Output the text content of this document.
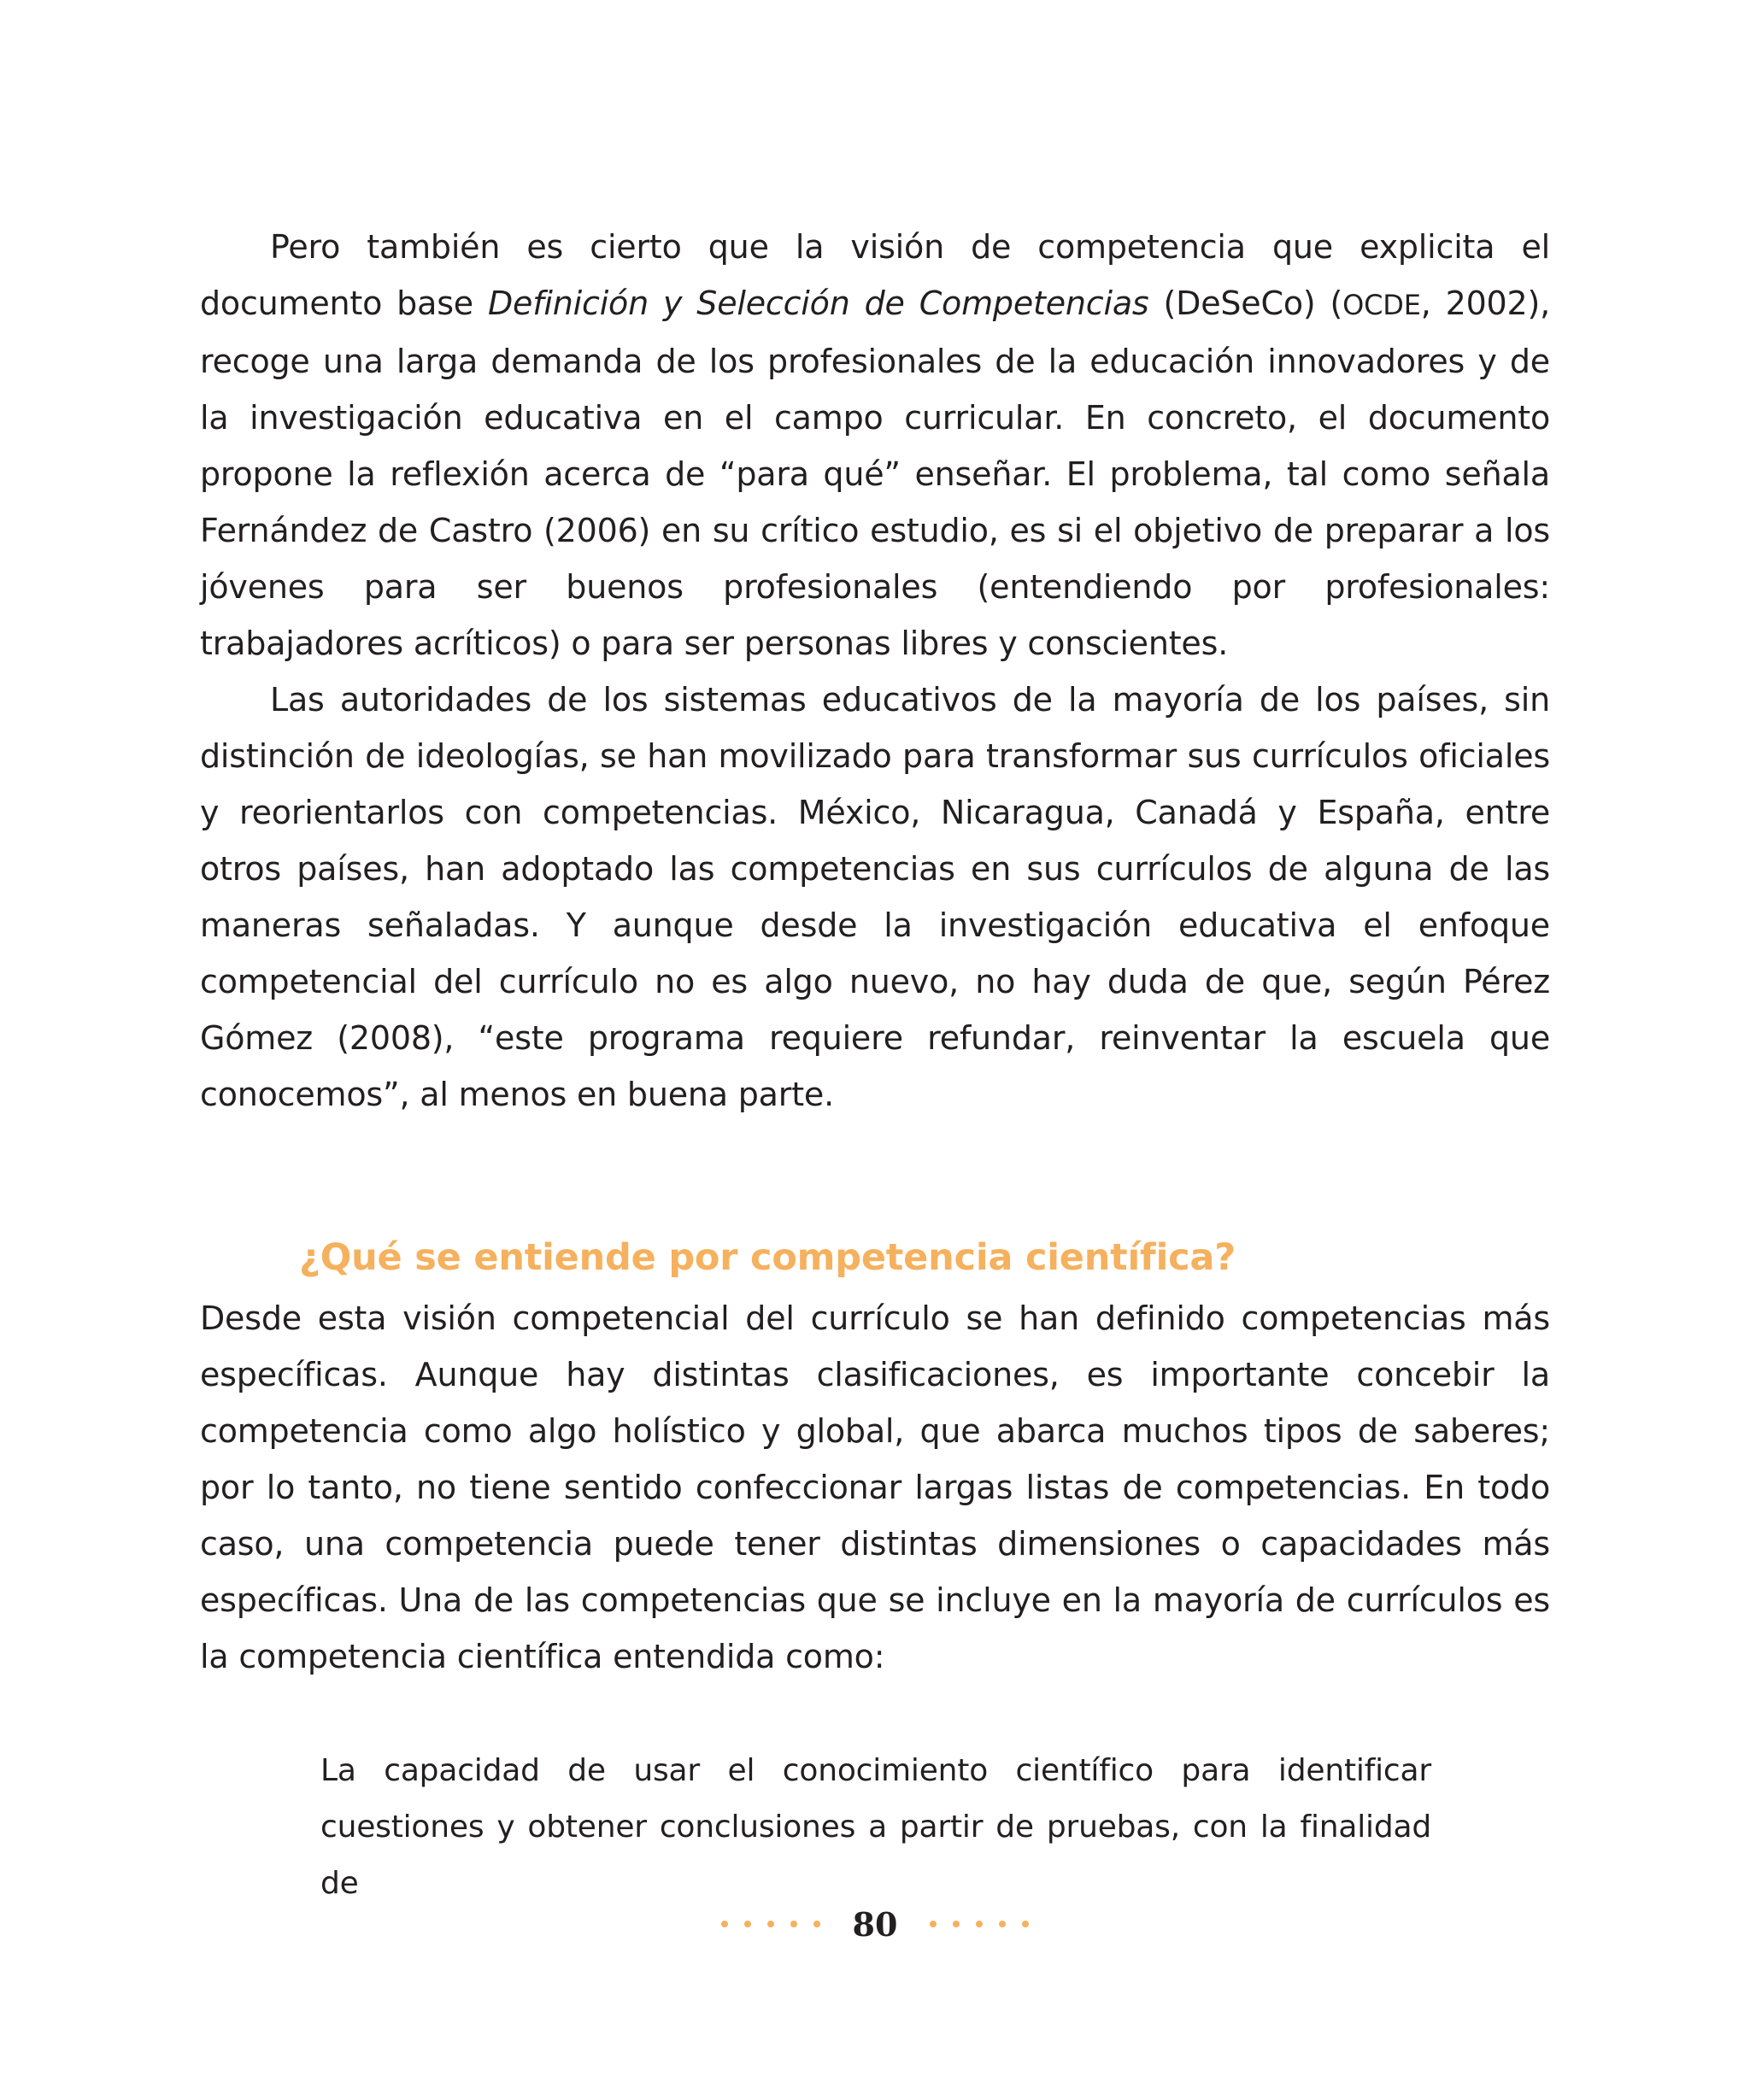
Pero también es cierto que la visión de competencia que explicita el documento base Definición y Selección de Competencias (DeSeCo) (OCDE, 2002), recoge una larga demanda de los profesionales de la educación innovadores y de la investigación educativa en el campo curricular. En concreto, el documento propone la reflexión acerca de “para qué” enseñar. El problema, tal como señala Fernández de Castro (2006) en su crítico estudio, es si el objetivo de preparar a los jóvenes para ser buenos profesionales (entendiendo por profesionales: trabajadores acríticos) o para ser personas libres y conscientes.

Las autoridades de los sistemas educativos de la mayoría de los países, sin distinción de ideologías, se han movilizado para transformar sus currículos oficiales y reorientarlos con competencias. México, Nicaragua, Canadá y España, entre otros países, han adoptado las competencias en sus currículos de alguna de las maneras señaladas. Y aunque desde la investigación educativa el enfoque competencial del currículo no es algo nuevo, no hay duda de que, según Pérez Gómez (2008), “este programa requiere refundar, reinventar la escuela que conocemos”, al menos en buena parte.

¿Qué se entiende por competencia científica?

Desde esta visión competencial del currículo se han definido competencias más específicas. Aunque hay distintas clasificaciones, es importante concebir la competencia como algo holístico y global, que abarca muchos tipos de saberes; por lo tanto, no tiene sentido confeccionar largas listas de competencias. En todo caso, una competencia puede tener distintas dimensiones o capacidades más específicas. Una de las competencias que se incluye en la mayoría de currículos es la competencia científica entendida como:

La capacidad de usar el conocimiento científico para identificar cuestiones y obtener conclusiones a partir de pruebas, con la finalidad de

80
